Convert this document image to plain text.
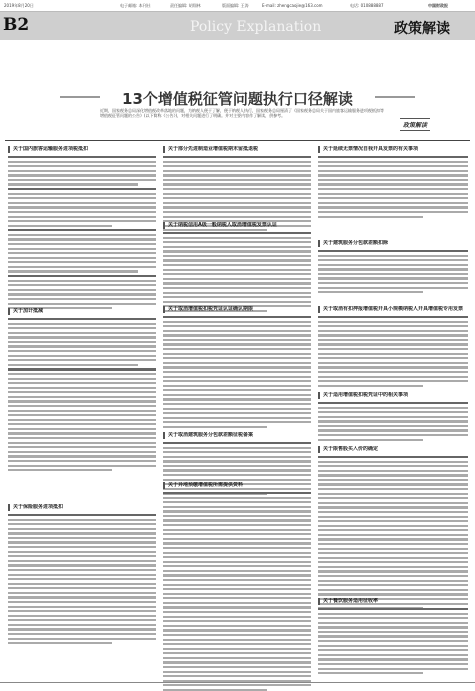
2019年8月20日	电子邮箱: 本刊社	责任编辑: 胡翔林	版面编辑: 王涛	E-mail: zhengcaojie@163.com	电话: 010888887	中国财政报
B2	Policy Explanation	政策解读
13个增值税征管问题执行口径解读
近期，国家税务总局深化增值税改革落地的问题，为纳税人便于了解，便于纳税人执行，国家税务总局厘清了《国家税务总局关于国内旅客运输服务进项税抵扣等增值税征管问题的公告》(以下简称《公告》)，对相关问题进行了明确。并对主要内容作了解读，供参考。
政策解读
关于国内旅客运输服务进项税抵扣
关于加计抵减
关于保险服务进项抵扣
关于部分先进制造业增值税期末留抵退税
关于纳税信用A级一般纳税人取消增值税发票认证
关于取消增值税扣税凭证认证确认期限
关于取消建筑服务分包款差额征税备案
关于异地预缴增值税所需提供资料
关于延续无票情况自我开具发票的有关事项
关于建筑服务分包款差额扣除
关于取消有扣押报增值税开具小规模纳税人开具增值税专用发票
关于适用增值税扣税凭证中的相关事项
关于限售股买入价的确定
关于餐饮服务适用征收率
